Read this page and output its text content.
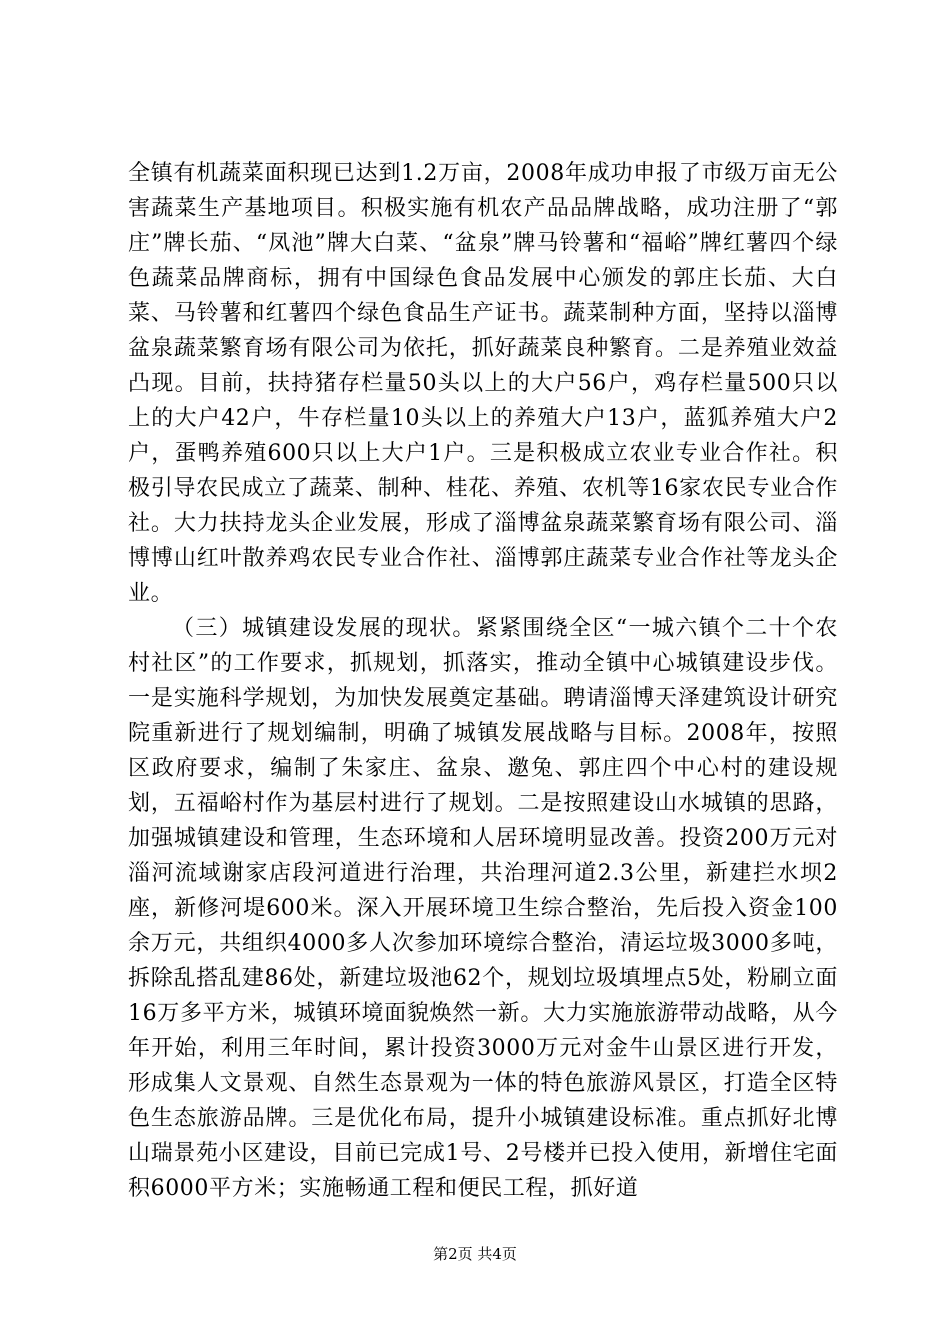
全镇有机蔬菜面积现已达到1.2万亩，2008年成功申报了市级万亩无公害蔬菜生产基地项目。积极实施有机农产品品牌战略，成功注册了“郭庄”牌长茄、“凤池”牌大白菜、“盆泉”牌马铃薯和“福峪”牌红薯四个绿色蔬菜品牌商标，拥有中国绿色食品发展中心颁发的郭庄长茄、大白菜、马铃薯和红薯四个绿色食品生产证书。蔬菜制种方面，坚持以淄博盆泉蔬菜繁育场有限公司为依托，抓好蔬菜良种繁育。二是养殖业效益凸现。目前，扶持猪存栏量50头以上的大户56户，鸡存栏量500只以上的大户42户，牛存栏量10头以上的养殖大户13户，蓝狐养殖大户2户，蛋鸭养殖600只以上大户1户。三是积极成立农业专业合作社。积极引导农民成立了蔬菜、制种、桂花、养殖、农机等16家农民专业合作社。大力扶持龙头企业发展，形成了淄博盆泉蔬菜繁育场有限公司、淄博博山红叶散养鸡农民专业合作社、淄博郭庄蔬菜专业合作社等龙头企业。

（三）城镇建设发展的现状。紧紧围绕全区“一城六镇个二十个农村社区”的工作要求，抓规划，抓落实，推动全镇中心城镇建设步伐。一是实施科学规划，为加快发展奠定基础。聘请淄博天泽建筑设计研究院重新进行了规划编制，明确了城镇发展战略与目标。2008年，按照区政府要求，编制了朱家庄、盆泉、邀兔、郭庄四个中心村的建设规划，五福峪村作为基层村进行了规划。二是按照建设山水城镇的思路，加强城镇建设和管理，生态环境和人居环境明显改善。投资200万元对淄河流域谢家店段河道进行治理，共治理河道2.3公里，新建拦水坝2座，新修河堤600米。深入开展环境卫生综合整治，先后投入资金100余万元，共组织4000多人次参加环境综合整治，清运垃圾3000多吨，拆除乱搭乱建86处，新建垃圾池62个，规划垃圾填埋点5处，粉刷立面16万多平方米，城镇环境面貌焕然一新。大力实施旅游带动战略，从今年开始，利用三年时间，累计投资3000万元对金牛山景区进行开发，形成集人文景观、自然生态景观为一体的特色旅游风景区，打造全区特色生态旅游品牌。三是优化布局，提升小城镇建设标准。重点抓好北博山瑞景苑小区建设，目前已完成1号、2号楼并已投入使用，新增住宅面积6000平方米；实施畅通工程和便民工程，抓好道

第2页 共4页
